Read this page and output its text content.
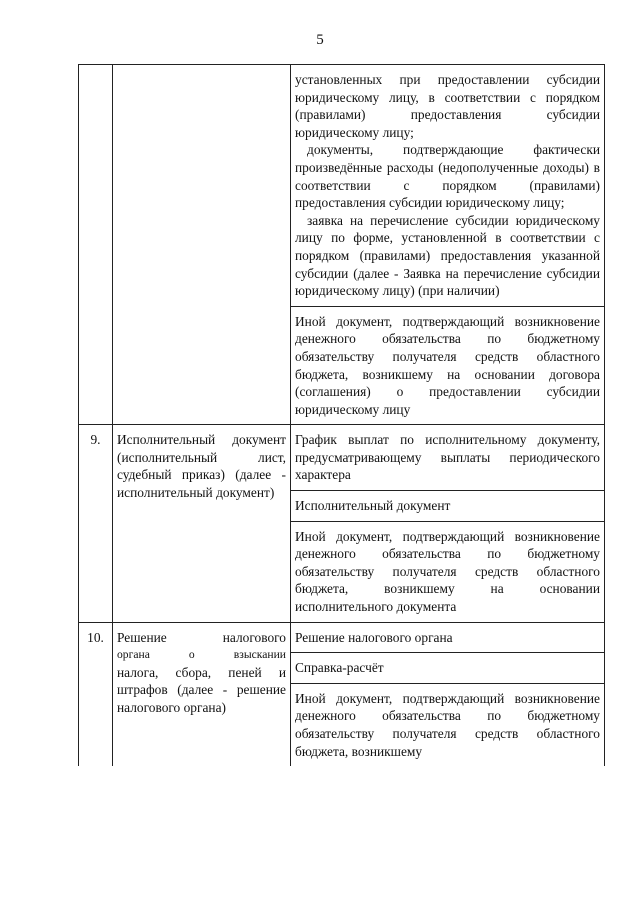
5

		установленных при предоставлении субсидии юридическому лицу, в соответствии с порядком (правилами) предоставления субсидии юридическому лицу;

документы, подтверждающие фактически произведённые расходы (недополученные доходы) в соответствии с порядком (правилами) предоставления субсидии юридическому лицу;

заявка на перечисление субсидии юридическому лицу по форме, установленной в соответствии с порядком (правилами) предоставления указанной субсидии (далее - Заявка на перечисление субсидии юридическому лицу) (при наличии)

		Иной документ, подтверждающий возникновение денежного обязательства по бюджетному обязательству получателя средств областного бюджета, возникшему на основании договора (соглашения) о предоставлении субсидии юридическому лицу

9.	Исполнительный документ (исполнительный лист, судебный приказ) (далее - исполнительный документ)	График выплат по исполнительному документу, предусматривающему выплаты периодического характера

		Исполнительный документ

		Иной документ, подтверждающий возникновение денежного обязательства по бюджетному обязательству получателя средств областного бюджета, возникшему на основании исполнительного документа

10.	Решение налогового
органа о взыскании
налога, сбора, пеней и штрафов (далее - решение налогового органа)	Решение налогового органа

		Справка-расчёт

		Иной документ, подтверждающий возникновение денежного обязательства по бюджетному обязательству получателя средств областного бюджета, возникшему
